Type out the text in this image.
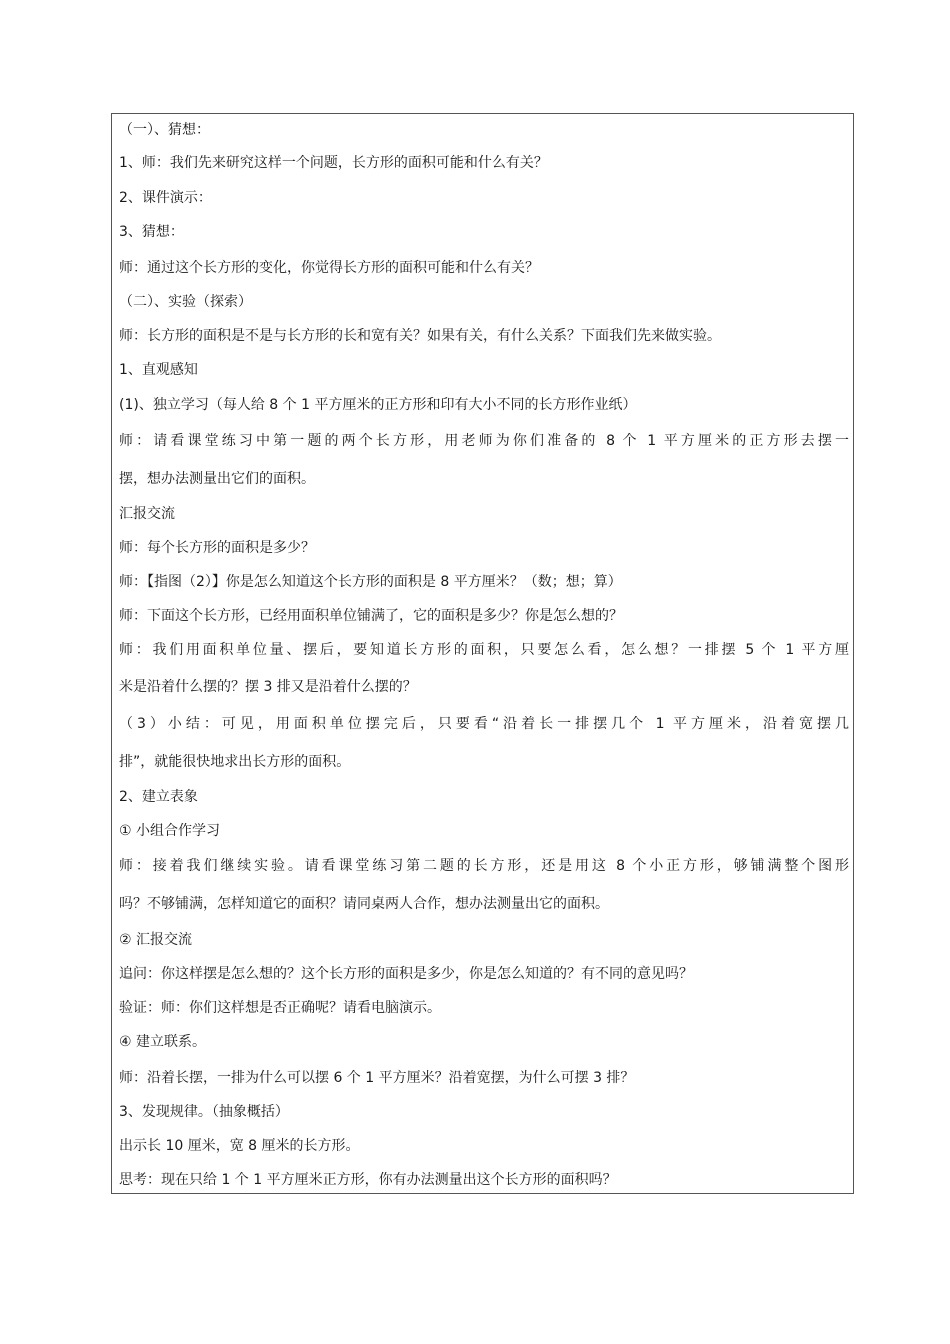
（一）、猜想：
1、师：我们先来研究这样一个问题，长方形的面积可能和什么有关？
2、课件演示：
3、猜想：
师：通过这个长方形的变化，你觉得长方形的面积可能和什么有关？
（二）、实验（探索）
师：长方形的面积是不是与长方形的长和宽有关？如果有关，有什么关系？下面我们先来做实验。
1、直观感知
(1)、独立学习（每人给 8 个 1 平方厘米的正方形和印有大小不同的长方形作业纸）
师：请看课堂练习中第一题的两个长方形，用老师为你们准备的 8 个 1 平方厘米的正方形去摆一
摆，想办法测量出它们的面积。
汇报交流
师：每个长方形的面积是多少？
师：【指图（2）】你是怎么知道这个长方形的面积是 8 平方厘米？（数；想；算）
师：下面这个长方形，已经用面积单位铺满了，它的面积是多少？你是怎么想的？
师：我们用面积单位量、摆后，要知道长方形的面积，只要怎么看，怎么想？一排摆 5 个 1 平方厘
米是沿着什么摆的？摆 3 排又是沿着什么摆的？
（3）小结：可见，用面积单位摆完后，只要看“沿着长一排摆几个 1 平方厘米，沿着宽摆几
排”，就能很快地求出长方形的面积。
2、建立表象
① 小组合作学习
师：接着我们继续实验。请看课堂练习第二题的长方形，还是用这 8 个小正方形，够铺满整个图形
吗？不够铺满，怎样知道它的面积？请同桌两人合作，想办法测量出它的面积。
② 汇报交流
追问：你这样摆是怎么想的？这个长方形的面积是多少，你是怎么知道的？有不同的意见吗？
验证：师：你们这样想是否正确呢？请看电脑演示。
④ 建立联系。
师：沿着长摆，一排为什么可以摆 6 个 1 平方厘米？沿着宽摆，为什么可摆 3 排？
3、发现规律。（抽象概括）
出示长 10 厘米，宽 8 厘米的长方形。
思考：现在只给 1 个 1 平方厘米正方形，你有办法测量出这个长方形的面积吗？
